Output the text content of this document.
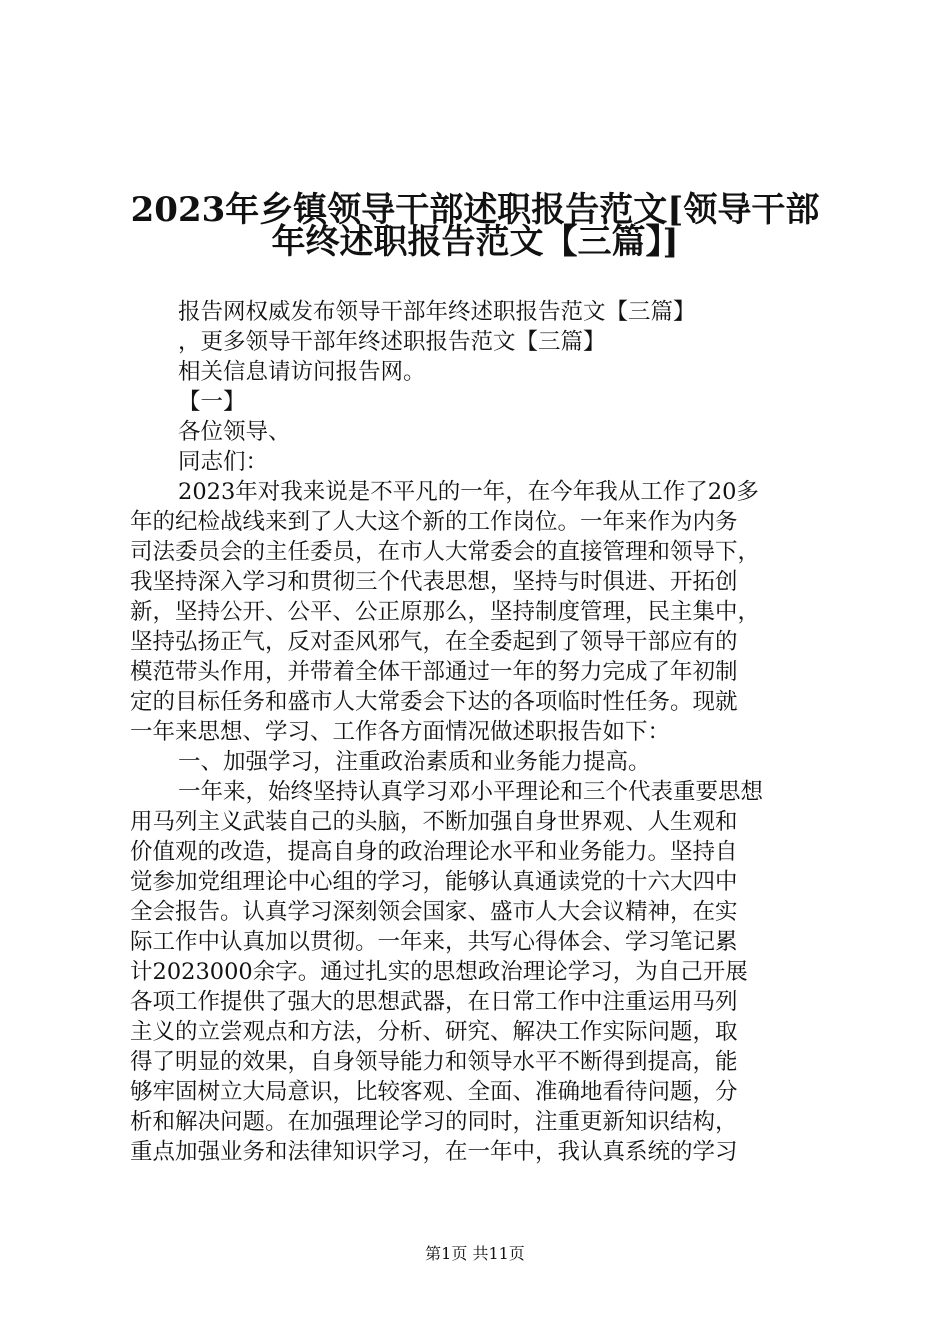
2023年乡镇领导干部述职报告范文[领导干部
年终述职报告范文【三篇】]
报告网权威发布领导干部年终述职报告范文【三篇】
，更多领导干部年终述职报告范文【三篇】
相关信息请访问报告网。
【一】
各位领导、
同志们：
2023年对我来说是不平凡的一年，在今年我从工作了20多
年的纪检战线来到了人大这个新的工作岗位。一年来作为内务
司法委员会的主任委员，在市人大常委会的直接管理和领导下，
我坚持深入学习和贯彻三个代表思想，坚持与时俱进、开拓创
新，坚持公开、公平、公正原那么，坚持制度管理，民主集中，
坚持弘扬正气，反对歪风邪气，在全委起到了领导干部应有的
模范带头作用，并带着全体干部通过一年的努力完成了年初制
定的目标任务和盛市人大常委会下达的各项临时性任务。现就
一年来思想、学习、工作各方面情况做述职报告如下：
一、加强学习，注重政治素质和业务能力提高。
一年来，始终坚持认真学习邓小平理论和三个代表重要思想
用马列主义武装自己的头脑，不断加强自身世界观、人生观和
价值观的改造，提高自身的政治理论水平和业务能力。坚持自
觉参加党组理论中心组的学习，能够认真通读党的十六大四中
全会报告。认真学习深刻领会国家、盛市人大会议精神，在实
际工作中认真加以贯彻。一年来，共写心得体会、学习笔记累
计2023000余字。通过扎实的思想政治理论学习，为自己开展
各项工作提供了强大的思想武器，在日常工作中注重运用马列
主义的立尝观点和方法，分析、研究、解决工作实际问题，取
得了明显的效果，自身领导能力和领导水平不断得到提高，能
够牢固树立大局意识，比较客观、全面、准确地看待问题，分
析和解决问题。在加强理论学习的同时，注重更新知识结构，
重点加强业务和法律知识学习，在一年中，我认真系统的学习
第1页 共11页
